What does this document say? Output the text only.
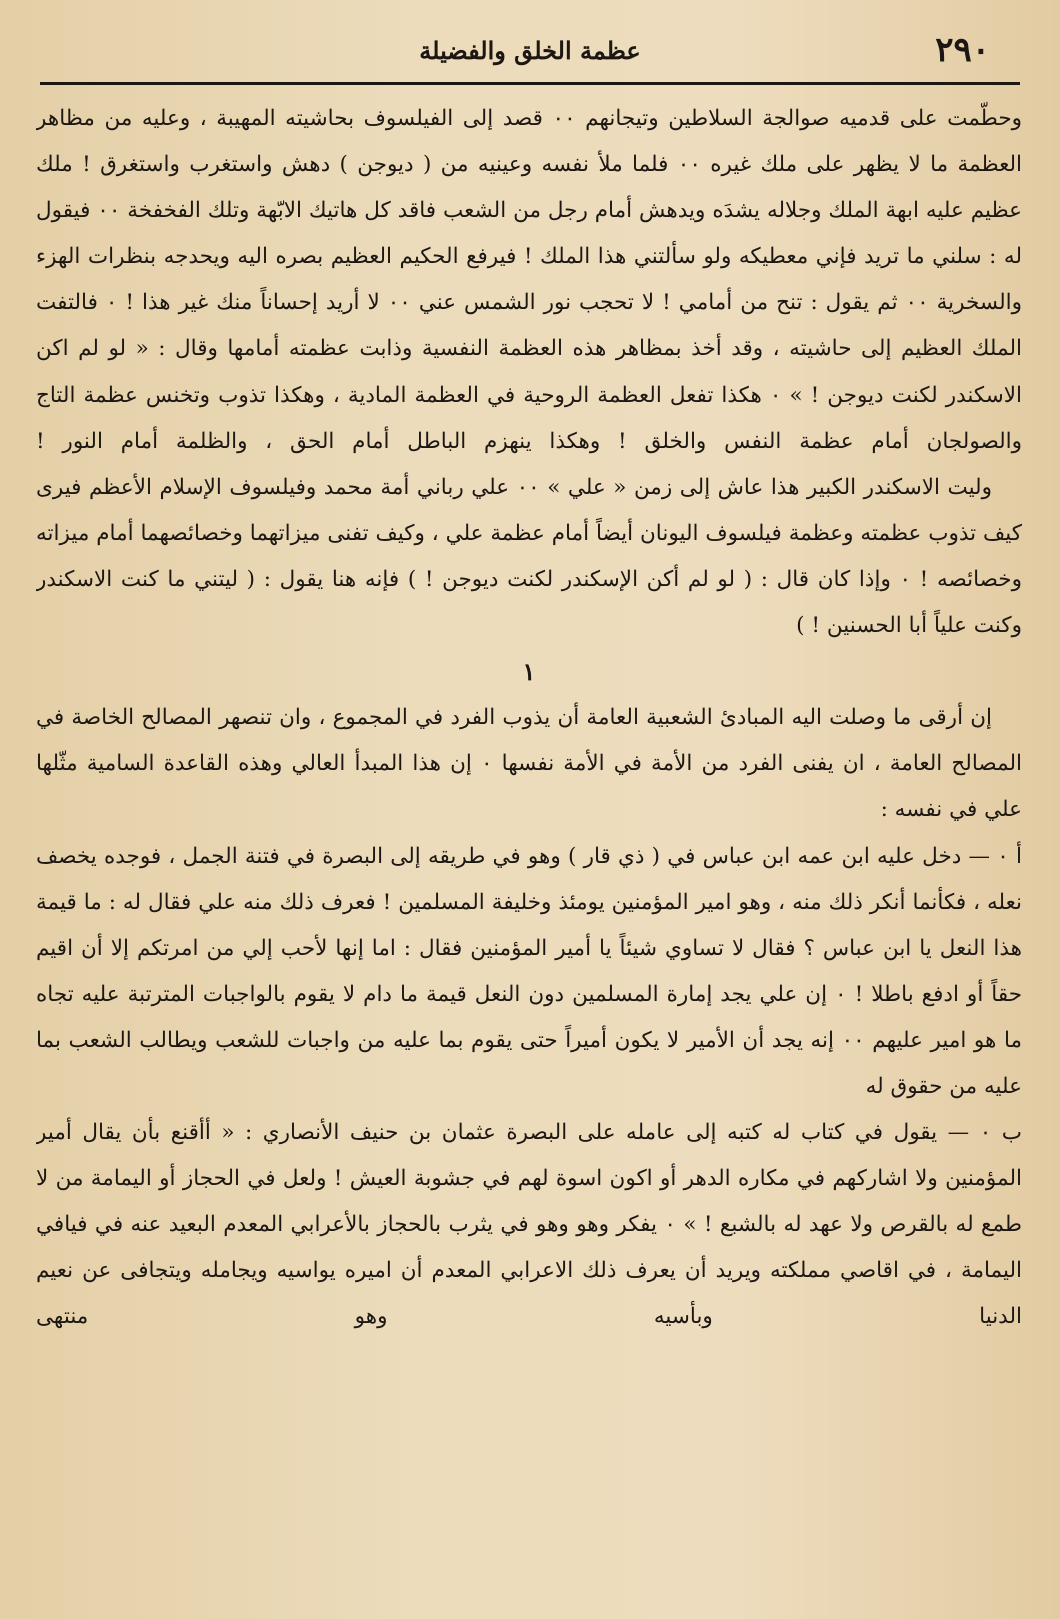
٢٩٠
عظمة الخلق والفضيلة

وحطّمت على قدميه صوالجة السلاطين وتيجانهم ٠٠ قصد إلى الفيلسوف بحاشيته المهيبة ، وعليه من مظاهر العظمة ما لا يظهر على ملك غيره ٠٠ فلما ملأ نفسه وعينيه من ( ديوجن ) دهش واستغرب واستغرق ! ملك عظيم عليه ابهة الملك وجلاله يشدَه ويدهش أمام رجل من الشعب فاقد كل هاتيك الابّهة وتلك الفخفخة ٠٠ فيقول له : سلني ما تريد فإني معطيكه ولو سألتني هذا الملك ! فيرفع الحكيم العظيم بصره اليه ويحدجه بنظرات الهزء والسخرية ٠٠ ثم يقول : تنح من أمامي ! لا تحجب نور الشمس عني ٠٠ لا أريد إحساناً منك غير هذا ! ٠ فالتفت الملك العظيم إلى حاشيته ، وقد أخذ بمظاهر هذه العظمة النفسية وذابت عظمته أمامها وقال : « لو لم اكن الاسكندر لكنت ديوجن ! » ٠ هكذا تفعل العظمة الروحية في العظمة المادية ، وهكذا تذوب وتخنس عظمة التاج والصولجان أمام عظمة النفس والخلق ! وهكذا ينهزم الباطل أمام الحق ، والظلمة أمام النور !

وليت الاسكندر الكبير هذا عاش إلى زمن « علي » ٠٠ علي رباني أمة محمد وفيلسوف الإسلام الأعظم فيرى كيف تذوب عظمته وعظمة فيلسوف اليونان أيضاً أمام عظمة علي ، وكيف تفنى ميزاتهما وخصائصهما أمام ميزاته وخصائصه ! ٠ وإذا كان قال : ( لو لم أكن الإسكندر لكنت ديوجن ! ) فإنه هنا يقول : ( ليتني ما كنت الاسكندر وكنت علياً أبا الحسنين ! )

١

إن أرقى ما وصلت اليه المبادئ الشعبية العامة أن يذوب الفرد في المجموع ، وان تنصهر المصالح الخاصة في المصالح العامة ، ان يفنى الفرد من الأمة في الأمة نفسها ٠ إن هذا المبدأ العالي وهذه القاعدة السامية مثّلها علي في نفسه :

أ ٠ — دخل عليه ابن عمه ابن عباس في ( ذي قار ) وهو في طريقه إلى البصرة في فتنة الجمل ، فوجده يخصف نعله ، فكأنما أنكر ذلك منه ، وهو امير المؤمنين يومئذ وخليفة المسلمين ! فعرف ذلك منه علي فقال له : ما قيمة هذا النعل يا ابن عباس ؟ فقال لا تساوي شيئاً يا أمير المؤمنين فقال : اما إنها لأحب إلي من امرتكم إلا أن اقيم حقاً أو ادفع باطلا ! ٠ إن علي يجد إمارة المسلمين دون النعل قيمة ما دام لا يقوم بالواجبات المترتبة عليه تجاه ما هو امير عليهم ٠٠ إنه يجد أن الأمير لا يكون أميراً حتى يقوم بما عليه من واجبات للشعب ويطالب الشعب بما عليه من حقوق له

ب ٠ — يقول في كتاب له كتبه إلى عامله على البصرة عثمان بن حنيف الأنصاري : « أأقنع بأن يقال أمير المؤمنين ولا اشاركهم في مكاره الدهر أو اكون اسوة لهم في جشوبة العيش ! ولعل في الحجاز أو اليمامة من لا طمع له بالقرص ولا عهد له بالشبع ! » ٠ يفكر وهو وهو في يثرب بالحجاز بالأعرابي المعدم البعيد عنه في فيافي اليمامة ، في اقاصي مملكته ويريد أن يعرف ذلك الاعرابي المعدم أن اميره يواسيه ويجامله ويتجافى عن نعيم الدنيا وبأسيه وهو منتهى
